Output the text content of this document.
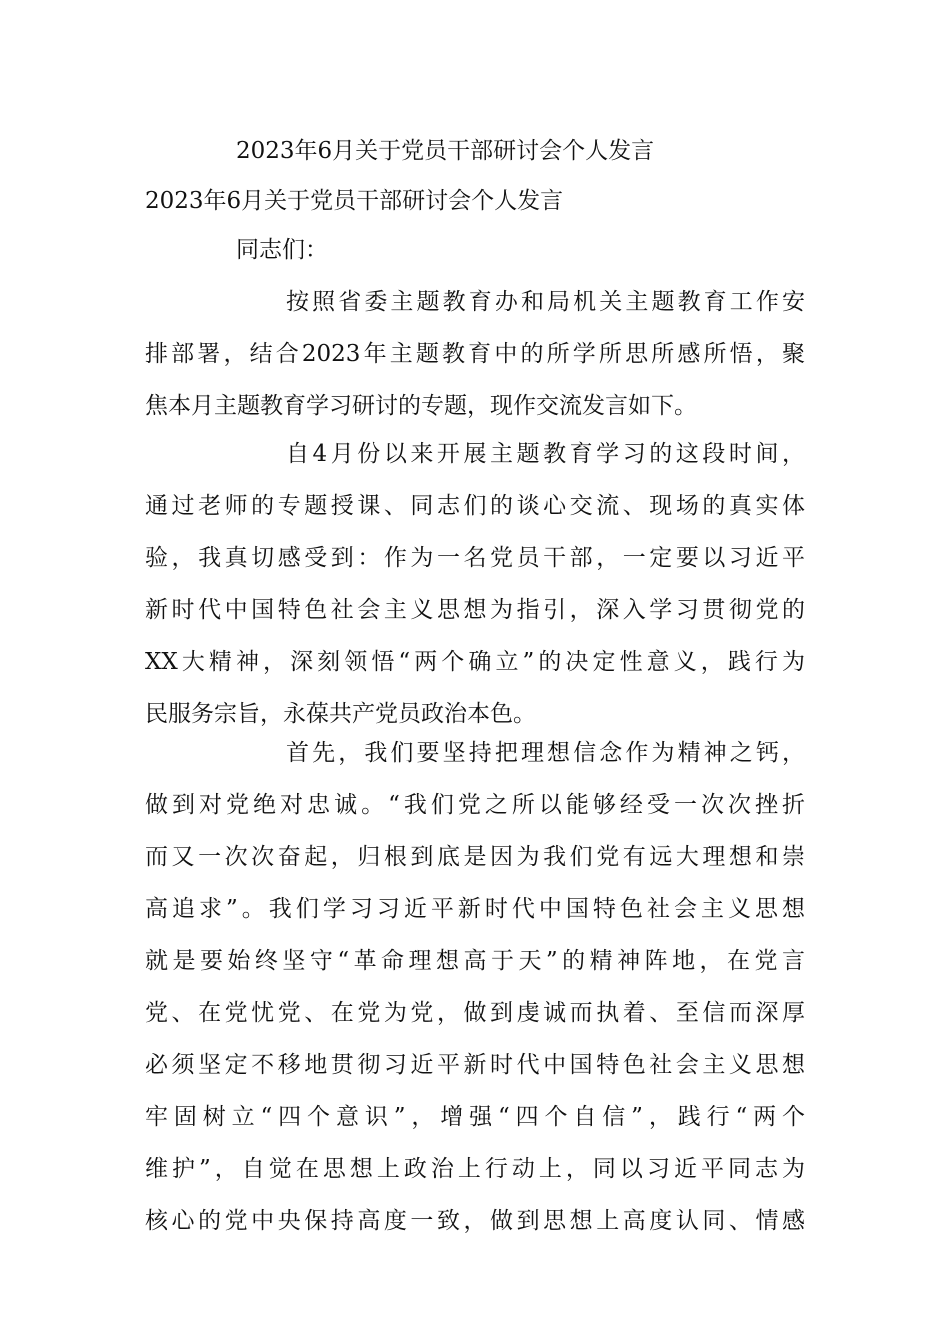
2023年6月关于党员干部研讨会个人发言
2023年6月关于党员干部研讨会个人发言
同志们：
按照省委主题教育办和局机关主题教育工作安
排部署，结合2023年主题教育中的所学所思所感所悟，聚
焦本月主题教育学习研讨的专题，现作交流发言如下。
自4月份以来开展主题教育学习的这段时间，
通过老师的专题授课、同志们的谈心交流、现场的真实体
验，我真切感受到：作为一名党员干部，一定要以习近平
新时代中国特色社会主义思想为指引，深入学习贯彻党的
XX大精神，深刻领悟“两个确立”的决定性意义，践行为
民服务宗旨，永葆共产党员政治本色。
首先，我们要坚持把理想信念作为精神之钙，
做到对党绝对忠诚。“我们党之所以能够经受一次次挫折
而又一次次奋起，归根到底是因为我们党有远大理想和崇
高追求”。我们学习习近平新时代中国特色社会主义思想
就是要始终坚守“革命理想高于天”的精神阵地，在党言
党、在党忧党、在党为党，做到虔诚而执着、至信而深厚
必须坚定不移地贯彻习近平新时代中国特色社会主义思想
牢固树立“四个意识”，增强“四个自信”，践行“两个
维护”，自觉在思想上政治上行动上，同以习近平同志为
核心的党中央保持高度一致，做到思想上高度认同、情感
